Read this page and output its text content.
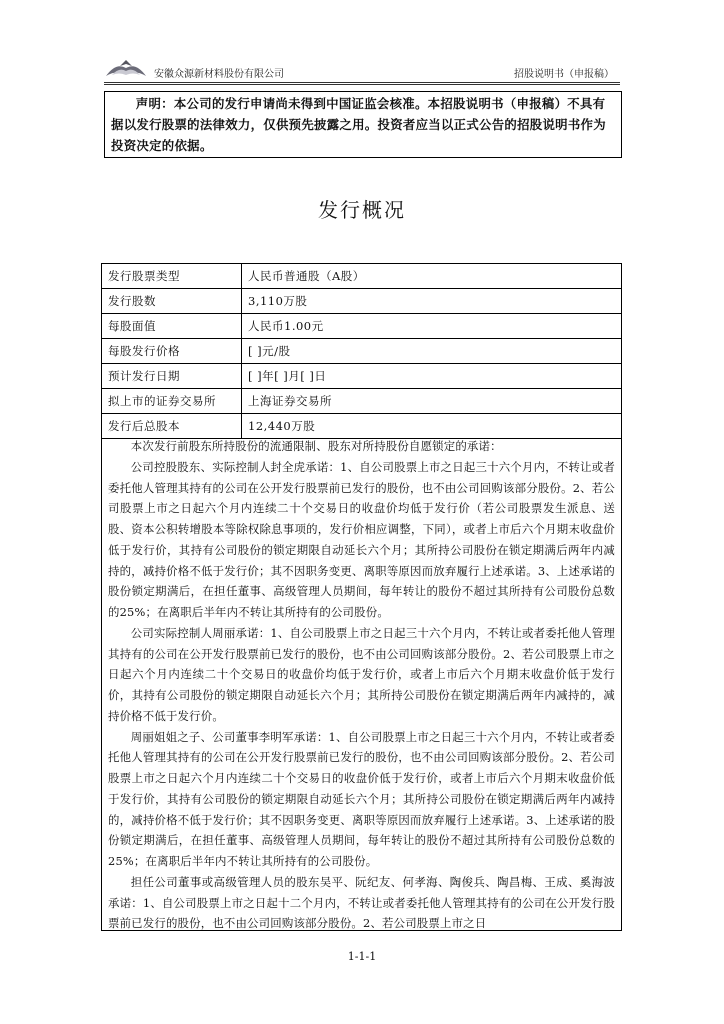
安徽众源新材料股份有限公司	招股说明书（申报稿）

声明：本公司的发行申请尚未得到中国证监会核准。本招股说明书（申报稿）不具有据以发行股票的法律效力，仅供预先披露之用。投资者应当以正式公告的招股说明书作为投资决定的依据。

发行概况
发行股票类型	人民币普通股（A股）
发行股数	3,110万股
每股面值	人民币1.00元
每股发行价格	[ ]元/股
预计发行日期	[ ]年[ ]月[ ]日
拟上市的证券交易所	上海证券交易所
发行后总股本	12,440万股

本次发行前股东所持股份的流通限制、股东对所持股份自愿锁定的承诺：

公司控股股东、实际控制人封全虎承诺：1、自公司股票上市之日起三十六个月内，不转让或者委托他人管理其持有的公司在公开发行股票前已发行的股份，也不由公司回购该部分股份。2、若公司股票上市之日起六个月内连续二十个交易日的收盘价均低于发行价（若公司股票发生派息、送股、资本公积转增股本等除权除息事项的，发行价相应调整，下同），或者上市后六个月期末收盘价低于发行价，其持有公司股份的锁定期限自动延长六个月；其所持公司股份在锁定期满后两年内减持的，减持价格不低于发行价；其不因职务变更、离职等原因而放弃履行上述承诺。3、上述承诺的股份锁定期满后，在担任董事、高级管理人员期间，每年转让的股份不超过其所持有公司股份总数的25%；在离职后半年内不转让其所持有的公司股份。

公司实际控制人周丽承诺：1、自公司股票上市之日起三十六个月内，不转让或者委托他人管理其持有的公司在公开发行股票前已发行的股份，也不由公司回购该部分股份。2、若公司股票上市之日起六个月内连续二十个交易日的收盘价均低于发行价，或者上市后六个月期末收盘价低于发行价，其持有公司股份的锁定期限自动延长六个月；其所持公司股份在锁定期满后两年内减持的，减持价格不低于发行价。

周丽姐姐之子、公司董事李明军承诺：1、自公司股票上市之日起三十六个月内，不转让或者委托他人管理其持有的公司在公开发行股票前已发行的股份，也不由公司回购该部分股份。2、若公司股票上市之日起六个月内连续二十个交易日的收盘价低于发行价，或者上市后六个月期末收盘价低于发行价，其持有公司股份的锁定期限自动延长六个月；其所持公司股份在锁定期满后两年内减持的，减持价格不低于发行价；其不因职务变更、离职等原因而放弃履行上述承诺。3、上述承诺的股份锁定期满后，在担任董事、高级管理人员期间，每年转让的股份不超过其所持有公司股份总数的25%；在离职后半年内不转让其所持有的公司股份。

担任公司董事或高级管理人员的股东吴平、阮纪友、何孝海、陶俊兵、陶昌梅、王成、奚海波承诺：1、自公司股票上市之日起十二个月内，不转让或者委托他人管理其持有的公司在公开发行股票前已发行的股份，也不由公司回购该部分股份。2、若公司股票上市之日

1-1-1
